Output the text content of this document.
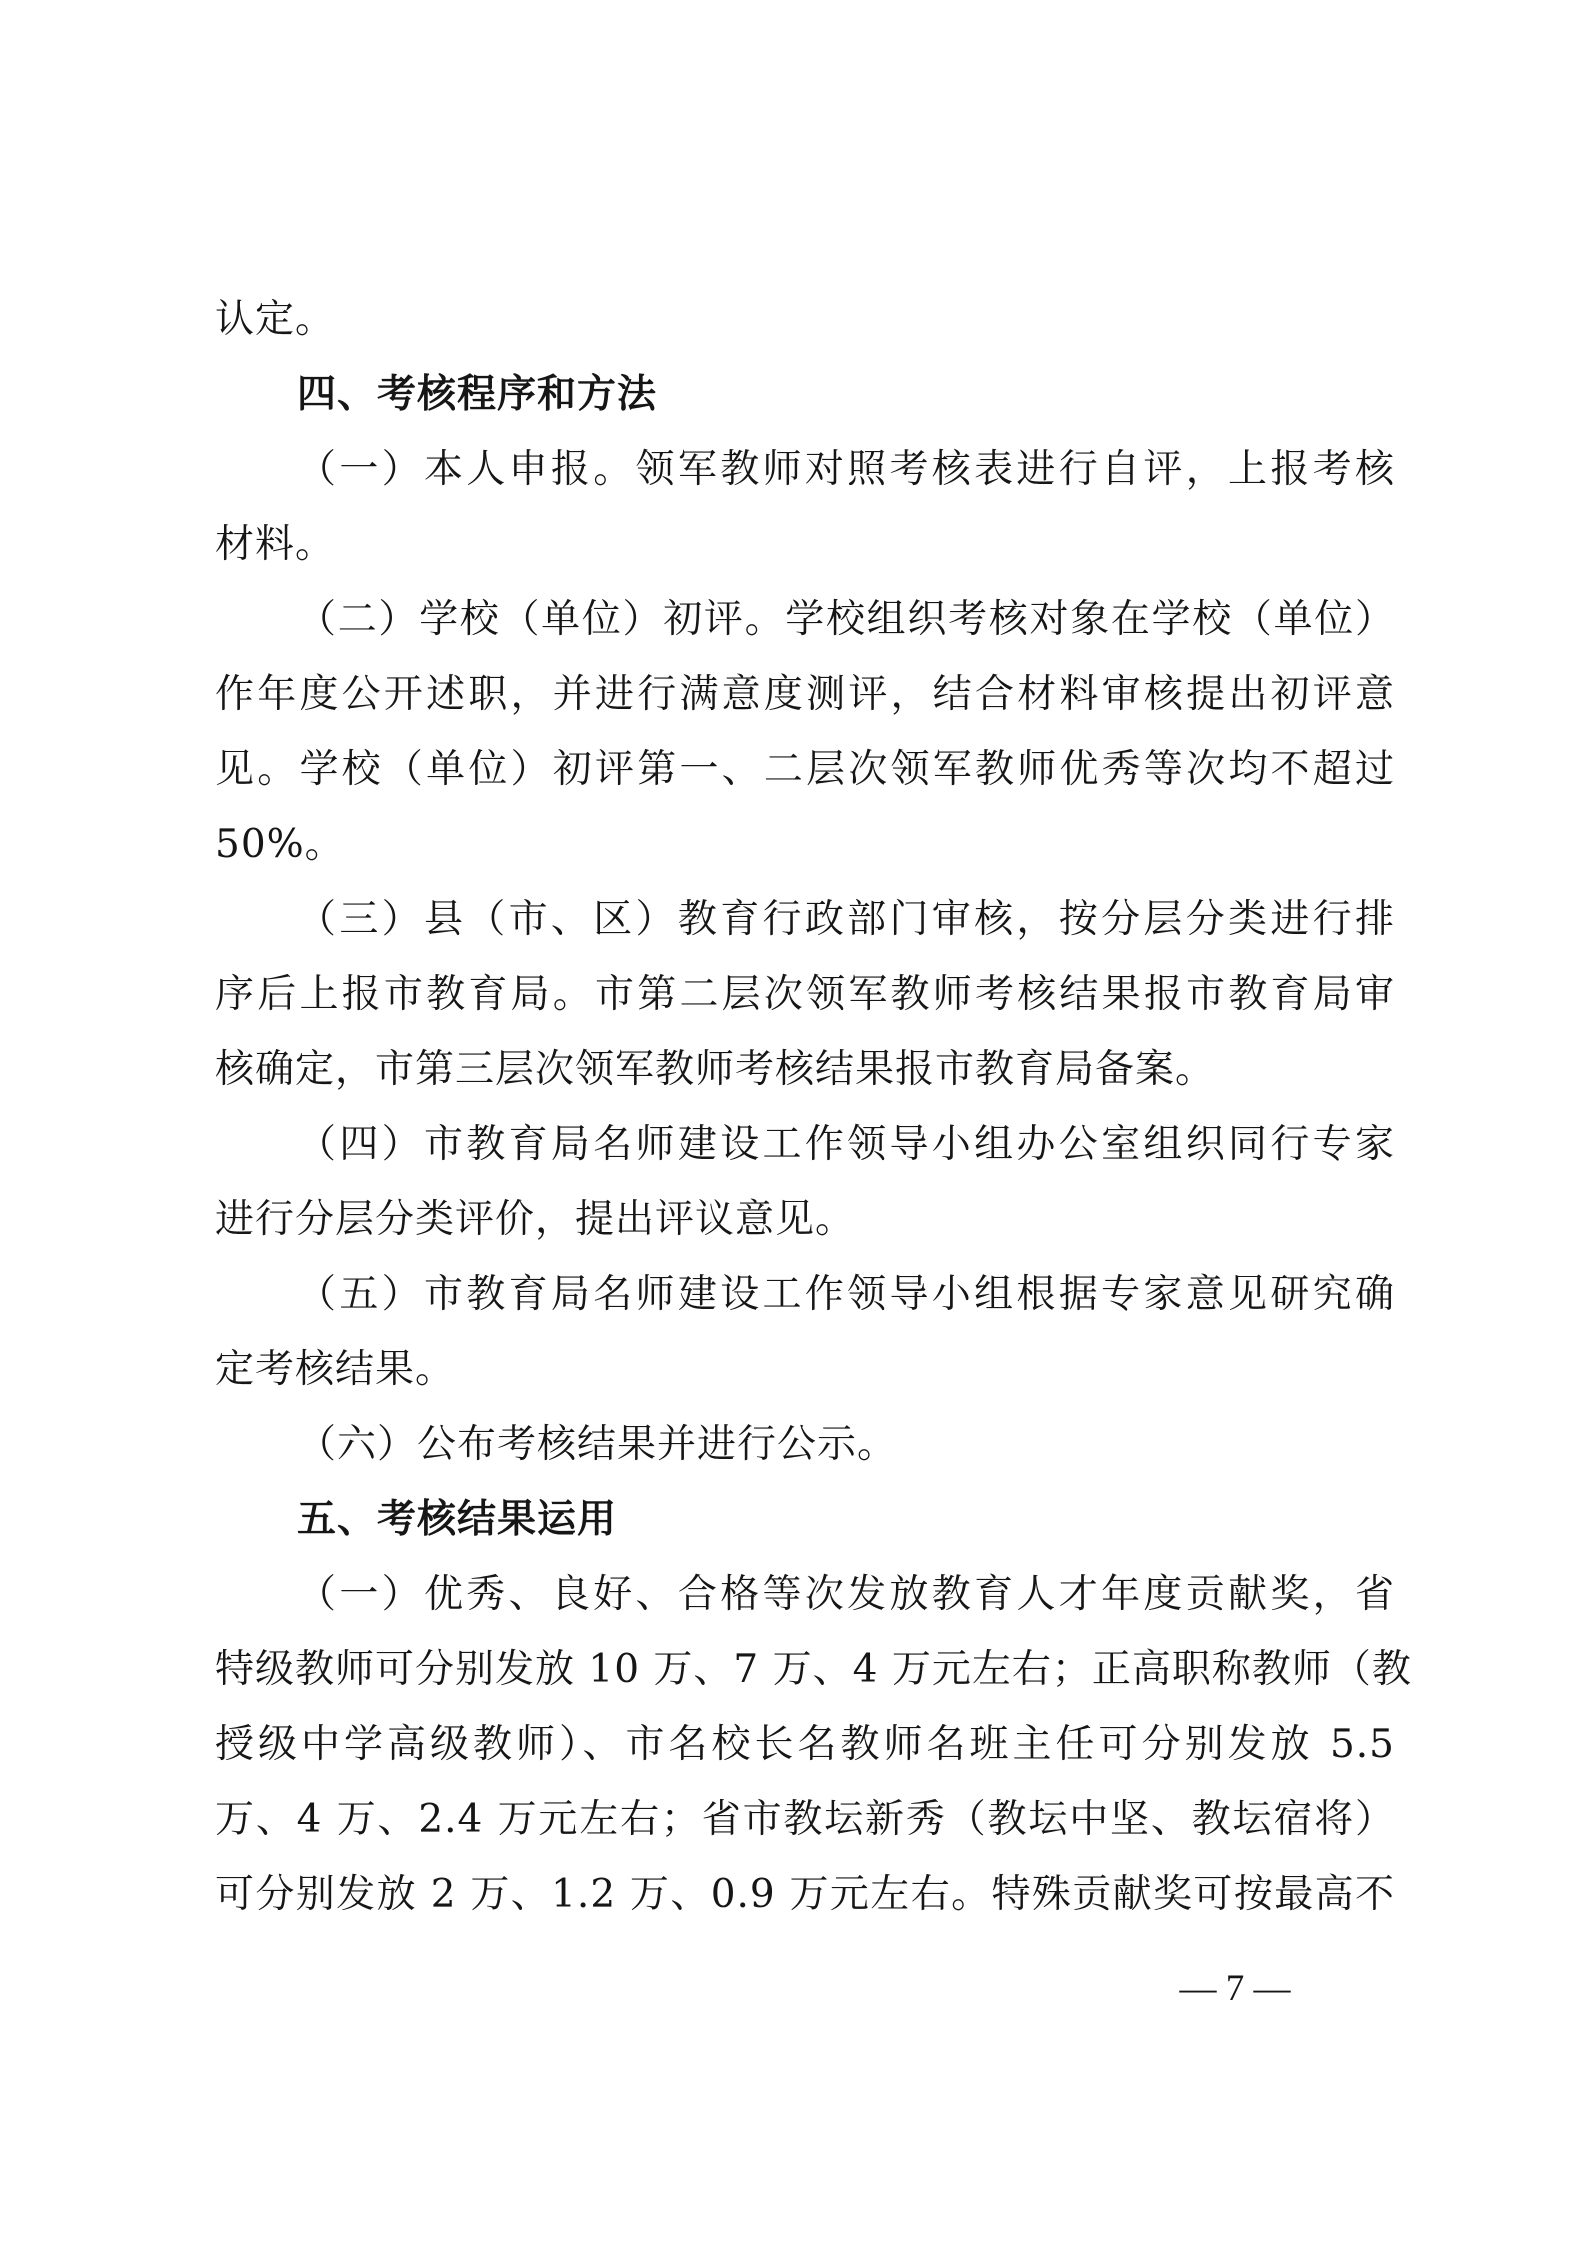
认定。
四、考核程序和方法
（一）本人申报。领军教师对照考核表进行自评，上报考核
材料。
（二）学校（单位）初评。学校组织考核对象在学校（单位）
作年度公开述职，并进行满意度测评，结合材料审核提出初评意
见。学校（单位）初评第一、二层次领军教师优秀等次均不超过
50%。
（三）县（市、区）教育行政部门审核，按分层分类进行排
序后上报市教育局。市第二层次领军教师考核结果报市教育局审
核确定，市第三层次领军教师考核结果报市教育局备案。
（四）市教育局名师建设工作领导小组办公室组织同行专家
进行分层分类评价，提出评议意见。
（五）市教育局名师建设工作领导小组根据专家意见研究确
定考核结果。
（六）公布考核结果并进行公示。
五、考核结果运用
（一）优秀、良好、合格等次发放教育人才年度贡献奖，省
特级教师可分别发放 10 万、7 万、4 万元左右；正高职称教师（教
授级中学高级教师）、市名校长名教师名班主任可分别发放 5.5
万、4 万、2.4 万元左右；省市教坛新秀（教坛中坚、教坛宿将）
可分别发放 2 万、1.2 万、0.9 万元左右。特殊贡献奖可按最高不
— 7 —
